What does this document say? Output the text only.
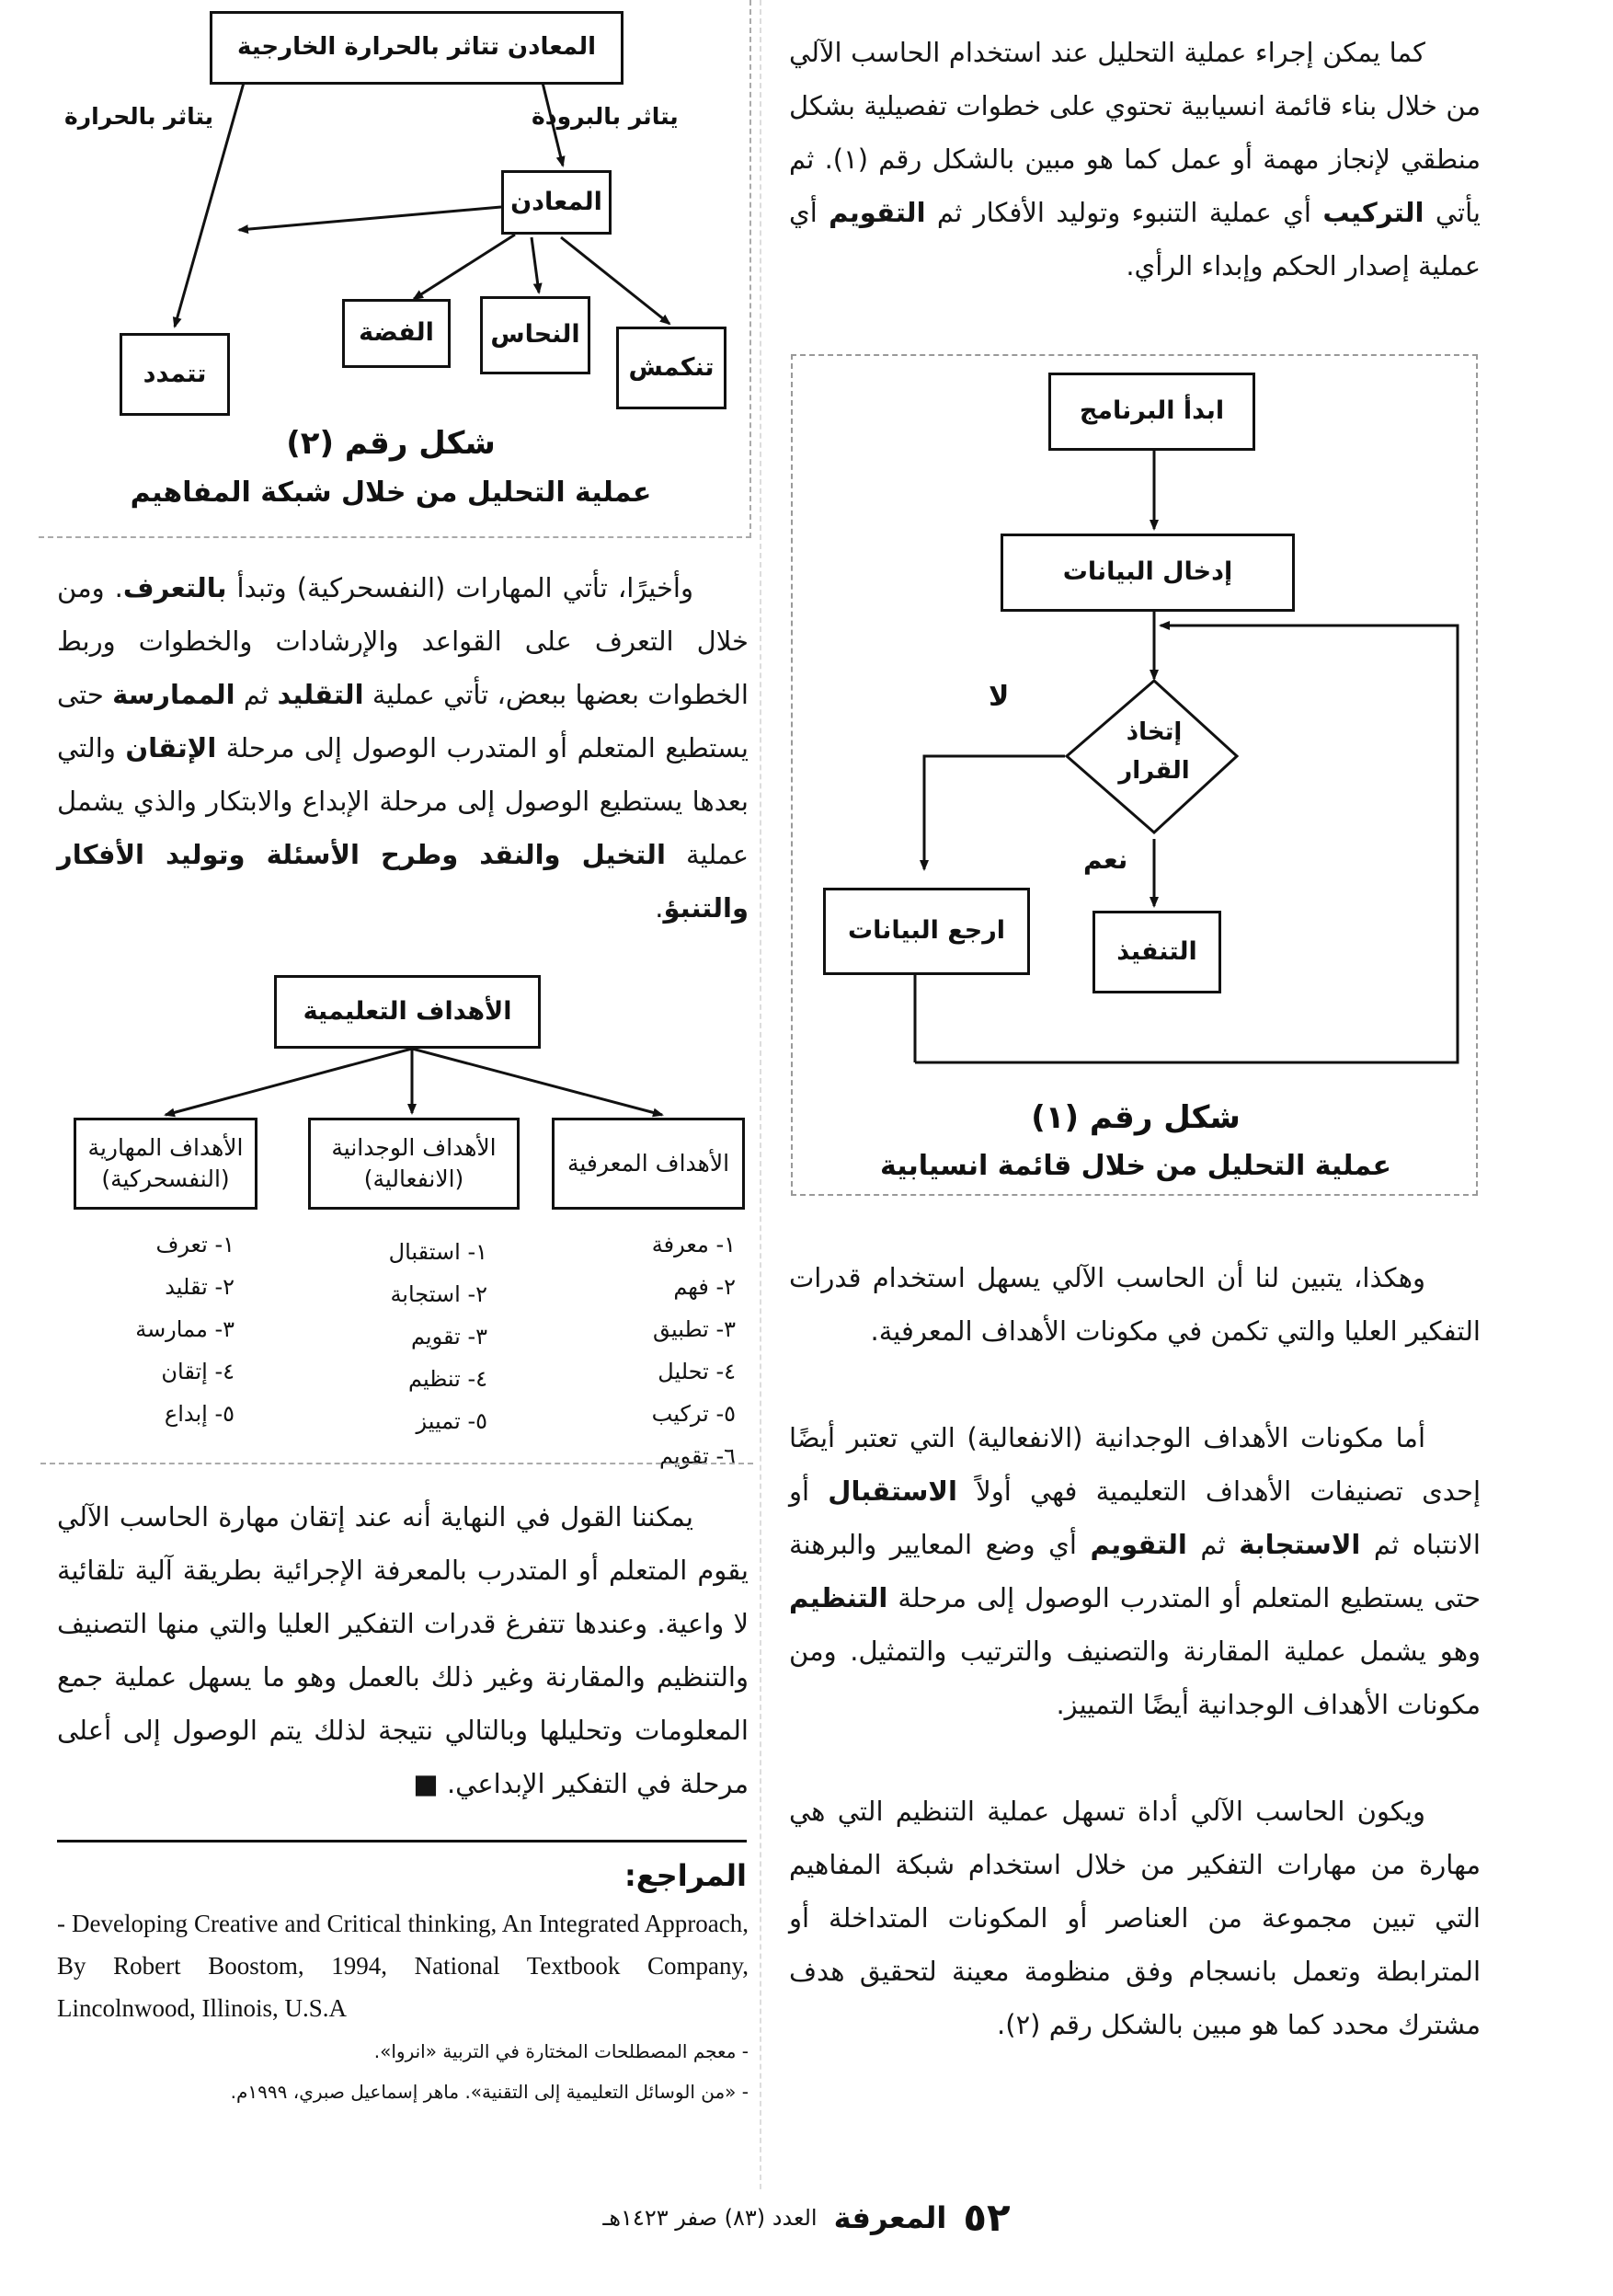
كما يمكن إجراء عملية التحليل عند استخدام الحاسب الآلي من خلال بناء قائمة انسيابية تحتوي على خطوات تفصيلية بشكل منطقي لإنجاز مهمة أو عمل كما هو مبين بالشكل رقم (١). ثم يأتي التركيب أي عملية التنبوء وتوليد الأفكار ثم التقويم أي عملية إصدار الحكم وإبداء الرأي.

ابدأ البرنامج
إدخال البيانات
إتخاذ القرار
لا
نعم
ارجع البيانات
التنفيذ
شكل رقم (١)
عملية التحليل من خلال قائمة انسيابية

وهكذا، يتبين لنا أن الحاسب الآلي يسهل استخدام قدرات التفكير العليا والتي تكمن في مكونات الأهداف المعرفية.

أما مكونات الأهداف الوجدانية (الانفعالية) التي تعتبر أيضًا إحدى تصنيفات الأهداف التعليمية فهي أولاً الاستقبال أو الانتباه ثم الاستجابة ثم التقويم أي وضع المعايير والبرهنة حتى يستطيع المتعلم أو المتدرب الوصول إلى مرحلة التنظيم وهو يشمل عملية المقارنة والتصنيف والترتيب والتمثيل. ومن مكونات الأهداف الوجدانية أيضًا التمييز.

ويكون الحاسب الآلي أداة تسهل عملية التنظيم التي هي مهارة من مهارات التفكير من خلال استخدام شبكة المفاهيم التي تبين مجموعة من العناصر أو المكونات المتداخلة أو المترابطة وتعمل بانسجام وفق منظومة معينة لتحقيق هدف مشترك محدد كما هو مبين بالشكل رقم (٢).

المعادن تتاثر بالحرارة الخارجية
يتاثر بالبرودة
يتاثر بالحرارة
المعادن
الفضة النحاس
تنكمش
تتمدد
شكل رقم (٢)
عملية التحليل من خلال شبكة المفاهيم

وأخيرًا، تأتي المهارات (النفسحركية) وتبدأ بالتعرف. ومن خلال التعرف على القواعد والإرشادات والخطوات وربط الخطوات بعضها ببعض، تأتي عملية التقليد ثم الممارسة حتى يستطيع المتعلم أو المتدرب الوصول إلى مرحلة الإتقان والتي بعدها يستطيع الوصول إلى مرحلة الإبداع والابتكار والذي يشمل عملية التخيل والنقد وطرح الأسئلة وتوليد الأفكار والتنبؤ.

الأهداف التعليمية
الأهداف المعرفية
الأهداف الوجدانية
(الانفعالية)
الأهداف المهارية
(النفسحركية)
١- معرفة
٢- فهم
٣- تطبيق
٤- تحليل
٥- تركيب
٦- تقويم
١- استقبال
٢- استجابة
٣- تقويم
٤- تنظيم
٥- تمييز
١- تعرف
٢- تقليد
٣- ممارسة
٤- إتقان
٥- إبداع

يمكننا القول في النهاية أنه عند إتقان مهارة الحاسب الآلي يقوم المتعلم أو المتدرب بالمعرفة الإجرائية بطريقة آلية تلقائية لا واعية. وعندها تتفرغ قدرات التفكير العليا والتي منها التصنيف والتنظيم والمقارنة وغير ذلك بالعمل وهو ما يسهل عملية جمع المعلومات وتحليلها وبالتالي نتيجة لذلك يتم الوصول إلى أعلى مرحلة في التفكير الإبداعي. ■

المراجع:
- Developing Creative and Critical thinking, An Integrated Approach, By Robert Boostom, 1994, National Textbook Company, Lincolnwood, Illinois, U.S.A
- معجم المصطلحات المختارة في التربية «انروا».
- «من الوسائل التعليمية إلى التقنية». ماهر إسماعيل صبري، ١٩٩٩م.
٥٢
المعرفة
العدد (٨٣) صفر ١٤٢٣هـ
